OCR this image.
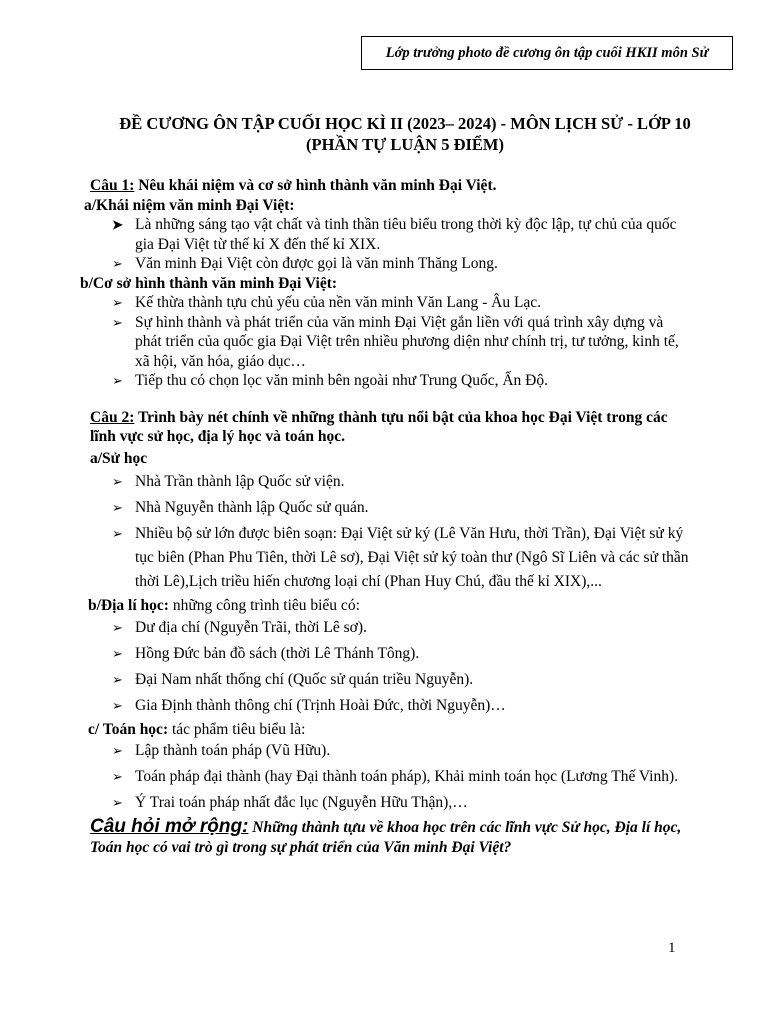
Lớp trưởng photo đề cương ôn tập cuối HKII môn Sử
ĐỀ CƯƠNG ÔN TẬP CUỐI HỌC KÌ II (2023– 2024) - MÔN LỊCH SỬ - LỚP 10
(PHẦN TỰ LUẬN 5 ĐIỂM)
Câu 1: Nêu khái niệm và cơ sở hình thành văn minh Đại Việt.
a/Khái niệm văn minh Đại Việt:
➤ Là những sáng tạo vật chất và tinh thần tiêu biểu trong thời kỳ độc lập, tự chủ của quốc gia Đại Việt từ thế kỉ X đến thế kỉ XIX.
➢ Văn minh Đại Việt còn được gọi là văn minh Thăng Long.
b/Cơ sở hình thành văn minh Đại Việt:
➢ Kế thừa thành tựu chủ yếu của nền văn minh Văn Lang - Âu Lạc.
➢ Sự hình thành và phát triển của văn minh Đại Việt gắn liền với quá trình xây dựng và phát triển của quốc gia Đại Việt trên nhiều phương diện như chính trị, tư tưởng, kinh tế, xã hội, văn hóa, giáo dục…
➢ Tiếp thu có chọn lọc văn minh bên ngoài như Trung Quốc, Ấn Độ.
Câu 2: Trình bày nét chính về những thành tựu nổi bật của khoa học Đại Việt trong các lĩnh vực sử học, địa lý học và toán học.
a/Sử học
➢ Nhà Trần thành lập Quốc sử viện.
➢ Nhà Nguyễn thành lập Quốc sử quán.
➢ Nhiều bộ sử lớn được biên soạn: Đại Việt sử ký (Lê Văn Hưu, thời Trần), Đại Việt sử ký tục biên (Phan Phu Tiên, thời Lê sơ), Đại Việt sử ký toàn thư (Ngô Sĩ Liên và các sử thần thời Lê),Lịch triều hiến chương loại chí (Phan Huy Chú, đầu thế kỉ XIX),...
b/Địa lí học: những công trình tiêu biểu có:
➢ Dư địa chí (Nguyễn Trãi, thời Lê sơ).
➢ Hồng Đức bản đồ sách (thời Lê Thánh Tông).
➢ Đại Nam nhất thống chí (Quốc sử quán triều Nguyễn).
➢ Gia Định thành thông chí (Trịnh Hoài Đức, thời Nguyễn)…
c/ Toán học: tác phẩm tiêu biểu là:
➢ Lập thành toán pháp (Vũ Hữu).
➢ Toán pháp đại thành (hay Đại thành toán pháp), Khải minh toán học (Lương Thế Vinh).
➢ Ý Trai toán pháp nhất đắc lục (Nguyễn Hữu Thận),…
Câu hỏi mở rộng: Những thành tựu về khoa học trên các lĩnh vực Sử học, Địa lí học, Toán học có vai trò gì trong sự phát triển của Văn minh Đại Việt?
1
